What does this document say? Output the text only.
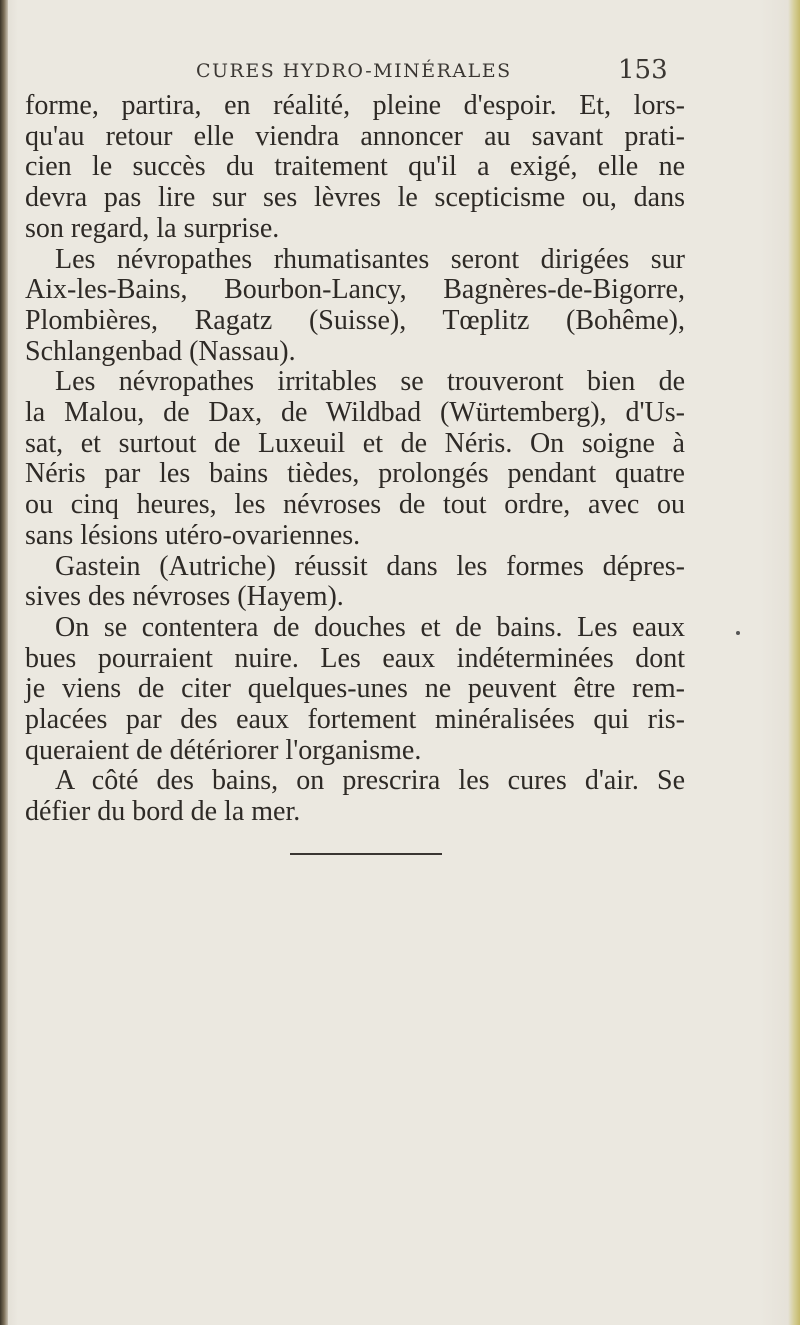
CURES HYDRO-MINÉRALES	153
forme, partira, en réalité, pleine d'espoir. Et, lors-
qu'au retour elle viendra annoncer au savant prati-
cien le succès du traitement qu'il a exigé, elle ne
devra pas lire sur ses lèvres le scepticisme ou, dans
son regard, la surprise.
Les névropathes rhumatisantes seront dirigées sur
Aix-les-Bains, Bourbon-Lancy, Bagnères-de-Bigorre,
Plombières, Ragatz (Suisse), Tœplitz (Bohême),
Schlangenbad (Nassau).
Les névropathes irritables se trouveront bien de
la Malou, de Dax, de Wildbad (Würtemberg), d'Us-
sat, et surtout de Luxeuil et de Néris. On soigne à
Néris par les bains tièdes, prolongés pendant quatre
ou cinq heures, les névroses de tout ordre, avec ou
sans lésions utéro-ovariennes.
Gastein (Autriche) réussit dans les formes dépres-
sives des névroses (Hayem).
On se contentera de douches et de bains. Les eaux
bues pourraient nuire. Les eaux indéterminées dont
je viens de citer quelques-unes ne peuvent être rem-
placées par des eaux fortement minéralisées qui ris-
queraient de détériorer l'organisme.
A côté des bains, on prescrira les cures d'air. Se
défier du bord de la mer.
